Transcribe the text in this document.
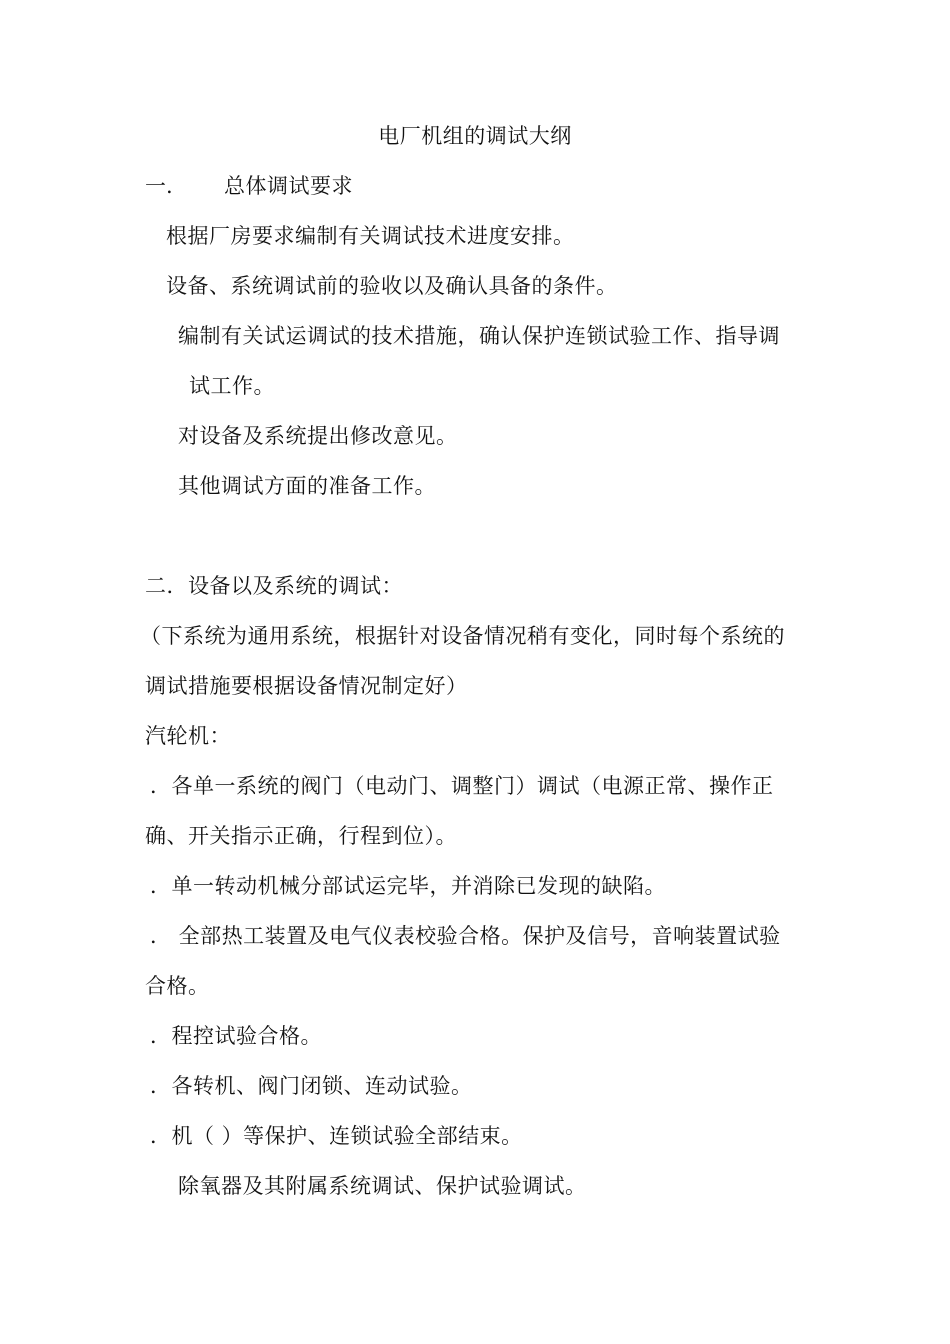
电厂机组的调试大纲
一. 总体调试要求
根据厂房要求编制有关调试技术进度安排。
设备、系统调试前的验收以及确认具备的条件。
编制有关试运调试的技术措施，确认保护连锁试验工作、指导调
试工作。
对设备及系统提出修改意见。
其他调试方面的准备工作。
二．设备以及系统的调试：
（下系统为通用系统，根据针对设备情况稍有变化，同时每个系统的
调试措施要根据设备情况制定好）
汽轮机：
．各单一系统的阀门（电动门、调整门）调试（电源正常、操作正
确、开关指示正确，行程到位）。
．单一转动机械分部试运完毕，并消除已发现的缺陷。
． 全部热工装置及电气仪表校验合格。保护及信号，音响装置试验
合格。
．程控试验合格。
．各转机、阀门闭锁、连动试验。
．机（ ）等保护、连锁试验全部结束。
除氧器及其附属系统调试、保护试验调试。
